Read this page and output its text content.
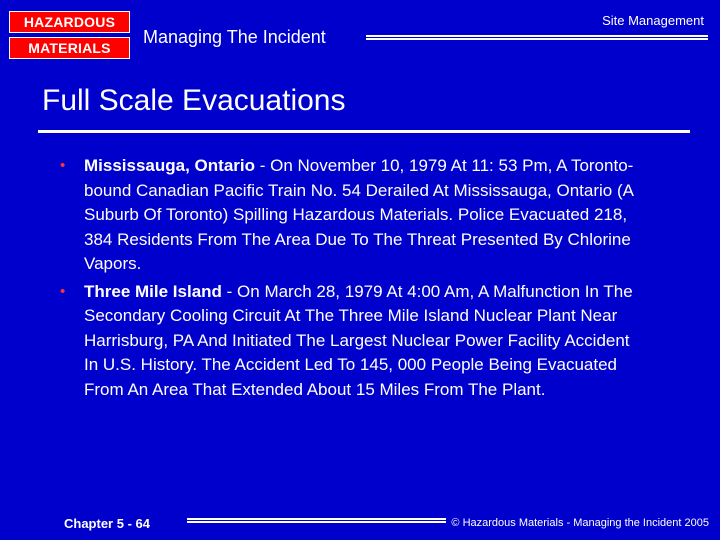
HAZARDOUS
MATERIALS
Managing The Incident
Site Management
Full Scale Evacuations
• Mississauga, Ontario - On November 10, 1979 At 11: 53 Pm, A Toronto-bound Canadian Pacific Train No. 54 Derailed At Mississauga, Ontario (A Suburb Of Toronto) Spilling Hazardous Materials. Police Evacuated 218, 384 Residents From The Area Due To The Threat Presented By Chlorine Vapors.
• Three Mile Island - On March 28, 1979 At 4:00 Am, A Malfunction In The Secondary Cooling Circuit At The Three Mile Island Nuclear Plant Near Harrisburg, PA And Initiated The Largest Nuclear Power Facility Accident In U.S. History. The Accident Led To 145, 000 People Being Evacuated From An Area That Extended About 15 Miles From The Plant.
Chapter 5 - 64	© Hazardous Materials - Managing the Incident 2005
